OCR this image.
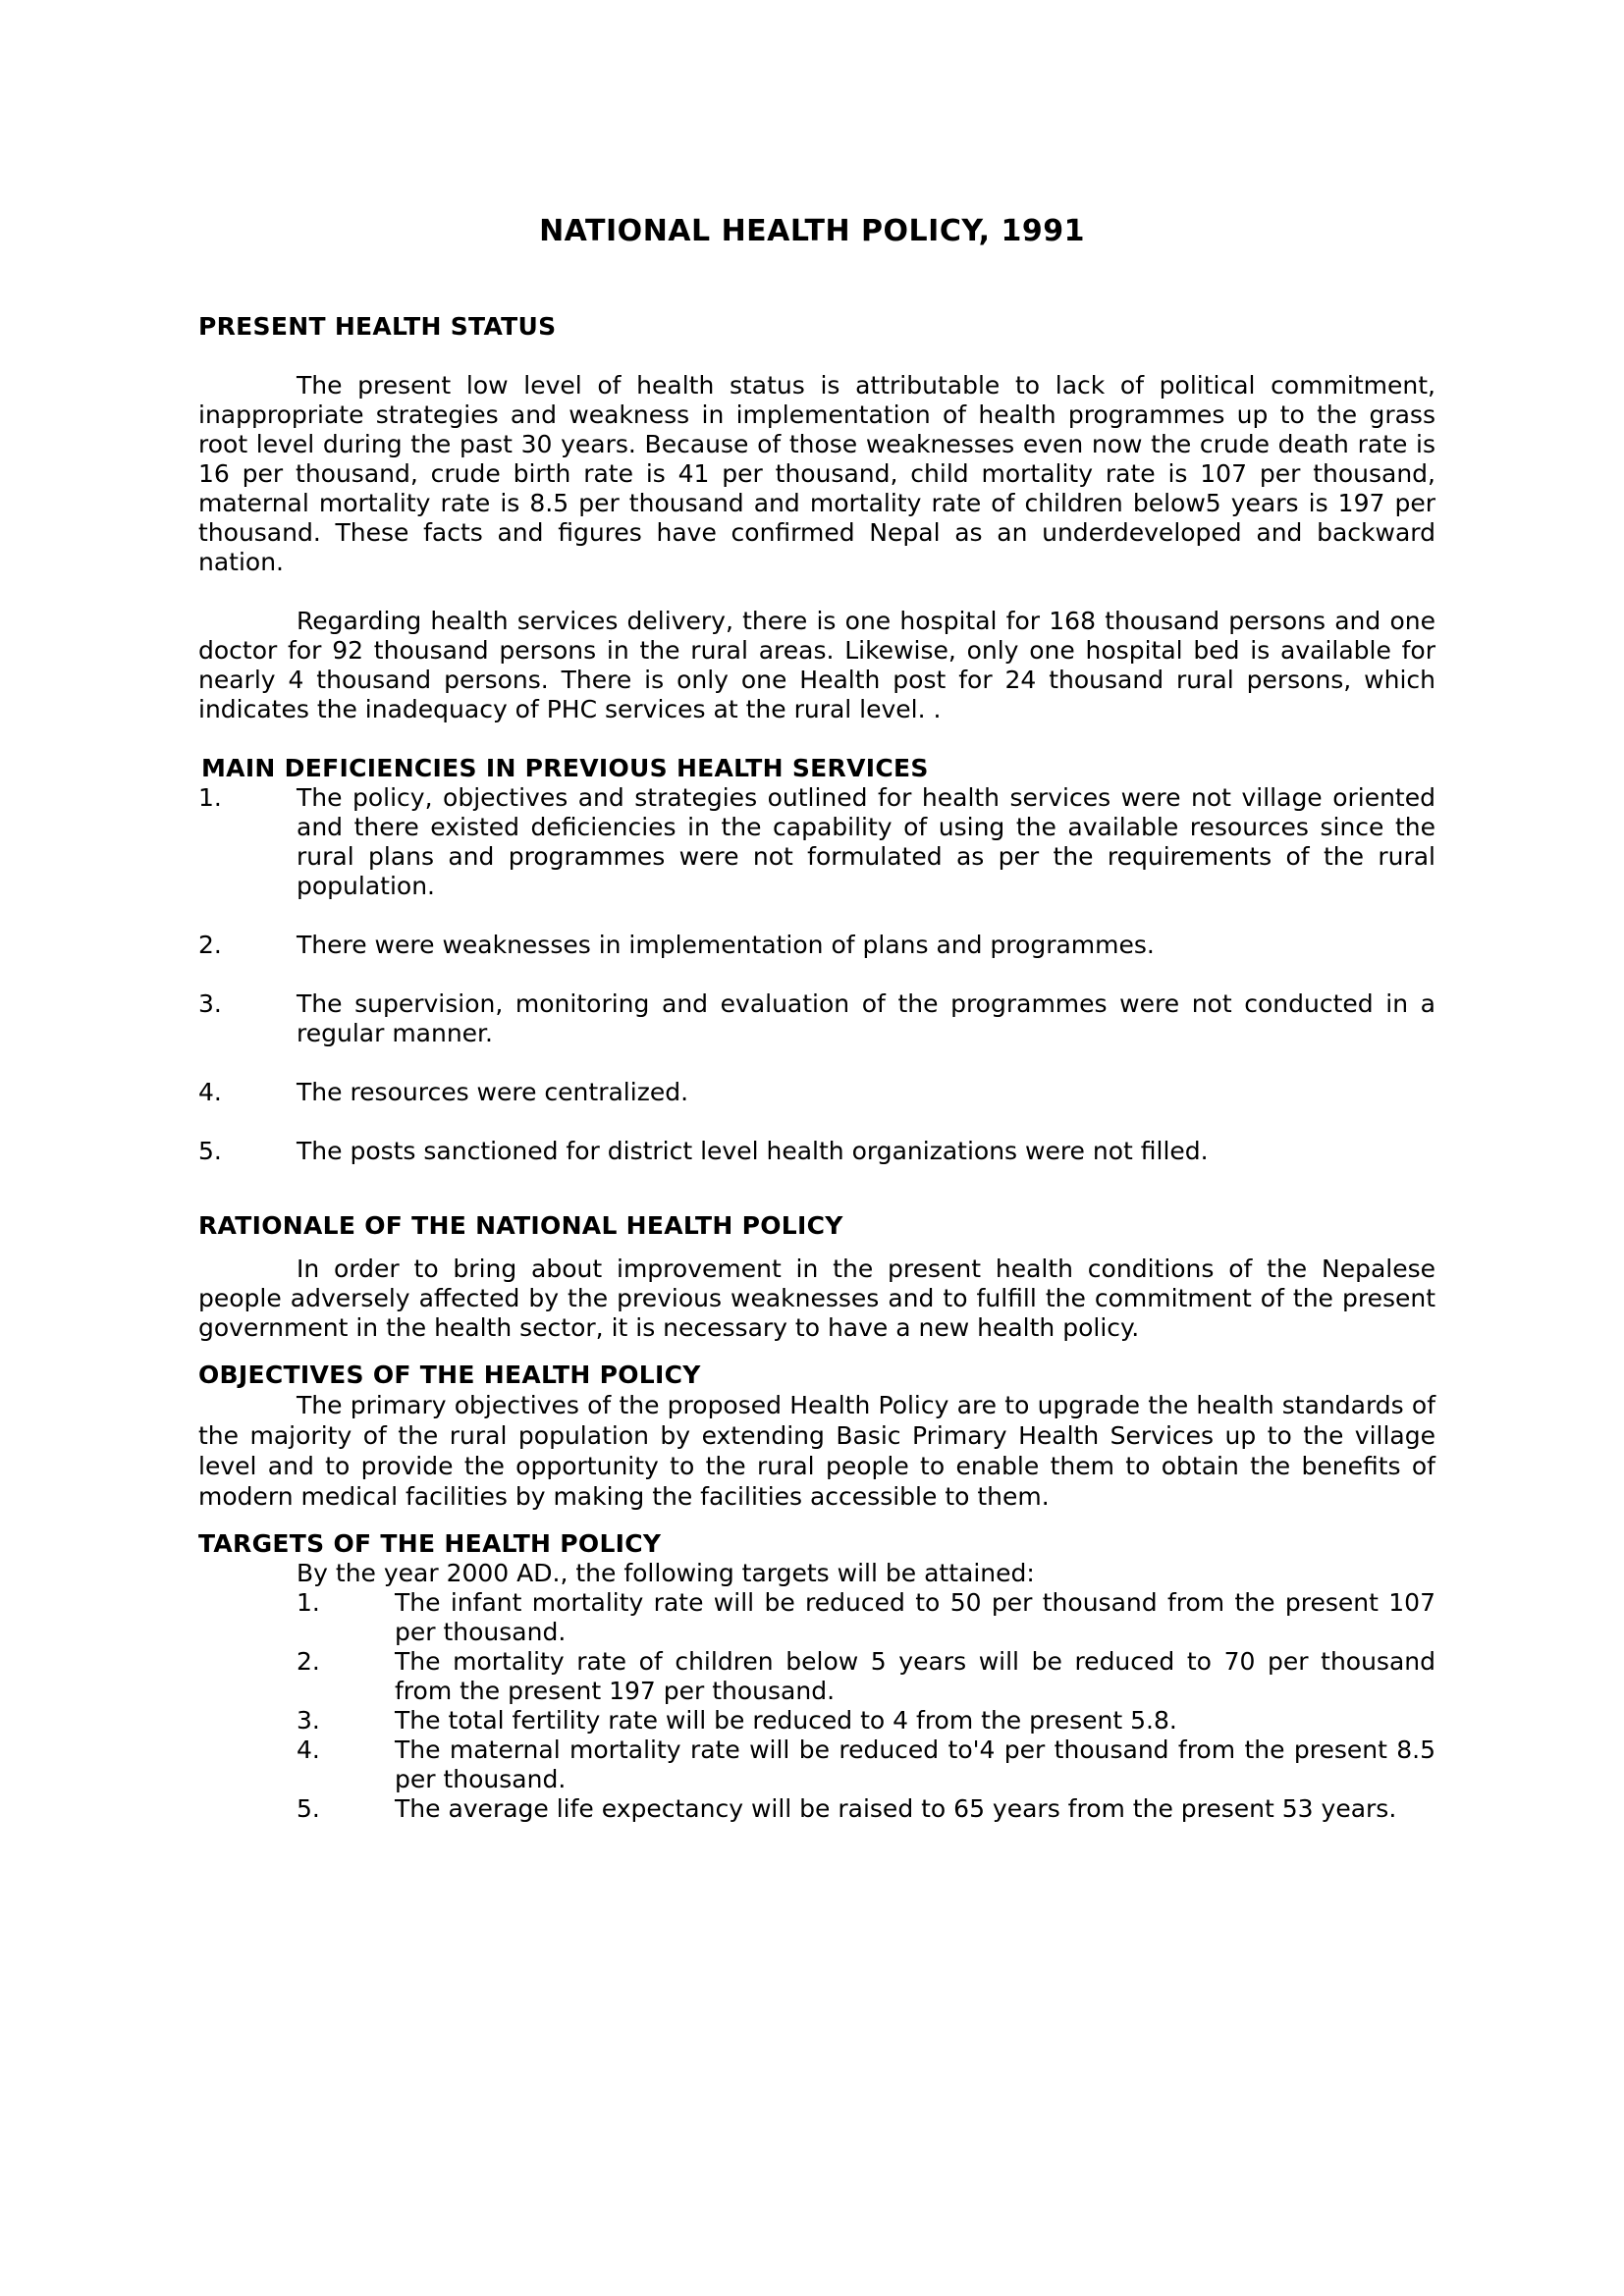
NATIONAL HEALTH POLICY, 1991
PRESENT HEALTH STATUS

The present low level of health status is attributable to lack of political commitment, inappropriate strategies and weakness in implementation of health programmes up to the grass root level during the past 30 years. Because of those weaknesses even now the crude death rate is 16 per thousand, crude birth rate is 41 per thousand, child mortality rate is 107 per thousand, maternal mortality rate is 8.5 per thousand and mortality rate of children below5 years is 197 per thousand. These facts and figures have confirmed Nepal as an underdeveloped and backward nation.

Regarding health services delivery, there is one hospital for 168 thousand persons and one doctor for 92 thousand persons in the rural areas. Likewise, only one hospital bed is available for nearly 4 thousand persons. There is only one Health post for 24 thousand rural persons, which indicates the inadequacy of PHC services at the rural level. .

MAIN DEFICIENCIES IN PREVIOUS HEALTH SERVICES
1.	The policy, objectives and strategies outlined for health services were not village oriented and there existed deficiencies in the capability of using the available resources since the rural plans and programmes were not formulated as per the requirements of the rural population.
2.	There were weaknesses in implementation of plans and programmes.
3.	The supervision, monitoring and evaluation of the programmes were not conducted in a regular manner.
4.	The resources were centralized.
5.	The posts sanctioned for district level health organizations were not filled.
RATIONALE OF THE NATIONAL HEALTH POLICY

In order to bring about improvement in the present health conditions of the Nepalese people adversely affected by the previous weaknesses and to fulfill the commitment of the present government in the health sector, it is necessary to have a new health policy.

OBJECTIVES OF THE HEALTH POLICY

The primary objectives of the proposed Health Policy are to upgrade the health standards of the majority of the rural population by extending Basic Primary Health Services up to the village level and to provide the opportunity to the rural people to enable them to obtain the benefits of modern medical facilities by making the facilities accessible to them.

TARGETS OF THE HEALTH POLICY

By the year 2000 AD., the following targets will be attained:

1.	The infant mortality rate will be reduced to 50 per thousand from the present 107 per thousand.
2.	The mortality rate of children below 5 years will be reduced to 70 per thousand from the present 197 per thousand.
3.	The total fertility rate will be reduced to 4 from the present 5.8.
4.	The maternal mortality rate will be reduced to'4 per thousand from the present 8.5 per thousand.
5.	The average life expectancy will be raised to 65 years from the present 53 years.
